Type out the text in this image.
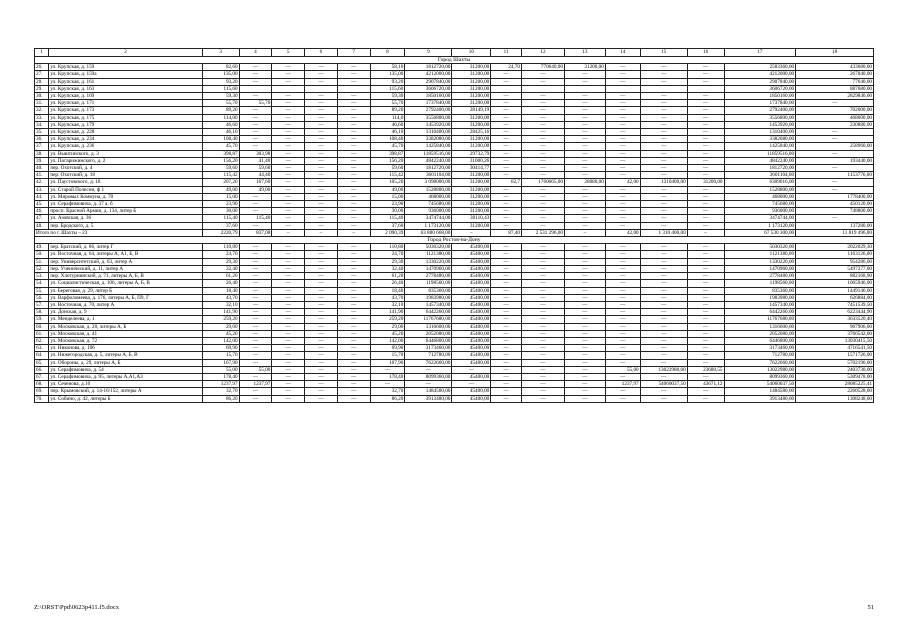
1	2	3	4	5	6	7	8	9	10	11	12	13	14	15	16	17	18
Город Шахты																	
26.	ул. Крупская, д. 159	82,60	—	—	—	—	58,10	1812720,00	31200,00	24,70	770640,00	31200,00	—	—	—	2583360,00	433680,00
27.	ул. Крупская, д. 159а	135,00	—	—	—	—	135,00	4212000,00	31200,00	—	—	—	—	—	—	4212000,00	267040,00
28.	ул. Крупская, д. 161	93,20	—	—	—	—	93,20	2907840,00	31200,00	—	—	—	—	—	—	2907840,00	77640,00
29.	ул. Крупская, д. 163	115,60					115,60	3606720,00	31200,00							3606720,00	887680,00
30.	ул. Крупская, д. 169	59,30	—	—	—	—	59,30	1850160,00	31200,00	—	—	—	—	—	—	1850160,00	2829840,00
31.	ул. Крупская, д. 171	55,70	55,70	—	—	—	55,70	1737840,00	31200,00	—	—	—	—	—	—	1737840,00	—
32.	ул. Крупская, д. 173	89,20	—	—	—	—	89,20	2792400,00	28149,19	—	—	—	—	—	—	2792400,00	702000,00
33.	ул. Крупская, д. 175	114,00	—	—	—	—	114,0	3556800,00	31200,00	—	—	—	—	—	—	3556800,00	468000,00
34.	ул. Крупская, д. 179	46,60	—	—	—	—	46,60	1453920,00	31200,00	—	—	—	—	—	—	1453920,00	230880,00
35.	ул. Крупская, д. 228	46,10	—	—	—	—	46,10	1310400,00	28425,16	—	—	—	—	—	—	1310400,00	—
36.	ул. Крупская, д. 234	108,40	—	—	—	—	108,40	3382080,00	31200,00	—	—	—	—	—	—	3382080,00	—
37.	ул. Крупская, д. 236	45,70	—	—	—	—	45,70	1425840,00	31200,00	—	—	—	—	—	—	1425840,00	258960,00
38.	ул. Выштинского, д. 3	398,87	303,98	—	—	—	398,87	11859516,00	29732,79	—	—	—	—	—	—	11859516,00	—
39.	ул. Погарижинского, д. 2	156,20	41,40	—	—	—	156,20	4842240,00	31000,26	—	—	—	—	—	—	4842240,00	193440,00
40.	пер. Охотский, д. 4	59,60	59,60	—	—	—	59,60	1812720,00	30414,77	—	—	—	—	—	—	1812720,00	—
41.	пер. Охотский, д. 18	115,42	44,40	—	—	—	115,42	3601104,00	31200,00	—	—	—	—	—	—	3601104,00	1153776,00
42.	ул. Паустовского, д. 18	207,20	167,60	—	—	—	105,20	3 098000,00	31200,00	62,7	1760665,00	28080,00	42,00	1310400,00	31200,00	6309016,00	—
43.	ул. Старой Полесни, ф 1	49,00	49,00	—	—	—	49,00	1528800,00	31200,00	—	—	—	—	—	—	1528800,00	—
44.	ул. Мировых Коммуна, д. 70	15,00	—	—	—	—	15,00	468000,00	31200,00	—	—	—	—	—	—	468000,00	1778400,00
45.	ул. Серафимовича, д. 37 а, б	23,90	—	—	—	—	23,90	745680,00	31200,00	—	—	—	—	—	—	745680,00	450120,00
46.	просп. Красной Армии, д. 134, литер Б	30,00	—	—	—	—	30,00	936000,00	31200,00	—	—	—	—	—	—	936000,00	748800,00
47.	ул. Азовская, д. 36	115,40	115,40	—	—	—	115,40	3474744,00	30110,43	—	—	—	—	—	—	3474744,00	—
48.	пер. Бродского, д. 5	37,60	—	—	—	—	37,60	1 173120,00	31200,00	—	—	—	—	—	—	1 173120,00	137280,00
Итого по г. Шахты – 23		2220,79	837,08	–	–	–	2 090,39	63 880 668,00	–	87,40	2 531 296,00	–	42,00	1 310 400,00	–	67 530 300,00	11 819 496,00
Город Ростов-на-Дону																	
49.	пер. Братский, д. 86, литер Г	110,80	—	—	—	—	110,80	5030320,00	45400,00	—	—	—	—	—	—	5030320,00	2022029,30
50.	ул. Восточная, д. 64, литеры А, А1, Б, В	24,70	—	—	—	—	24,70	1121380,00	45400,00	—	—	—	—	—	—	1121380,00	1163126,00
51.	пер. Университетский, д. 63, литер А	29,30	—	—	—	—	29,30	1330220,00	45400,00	—	—	—	—	—	—	1330220,00	954286,00
52.	пер. Ученический, д. 11, литер А	32,40	—	—	—	—	32,40	1470960,00	45400,00	—	—	—	—	—	—	1470960,00	5497377,00
53.	пер. Хлотурнинский, д. 71, литеры А, Б, В	61,20	—	—	—	—	61,20	2778480,00	45400,00	—	—	—	—	—	—	2778480,00	882168,90
54.	ул. Социалистическая, д. 106, литеры А, Б, В	26,40	—	—	—	—	26,40	1198560,00	45400,00	—	—	—	—	—	—	1198560,00	1065946,00
55.	ул. Береговая, д. 29, литер Б	18,40	—	—	—	—	18,40	835360,00	45400,00	—	—	—	—	—	—	835360,00	1449146,00
56.	ул. Варфоломеева, д. 176, литеры А, Б, П9, Г	43,70	—	—	—	—	43,70	1983980,00	45400,00	—	—	—	—	—	—	1983980,00	626884,00
57.	ул. Восточная, д. 70, литер А	32,10	—	—	—	—	32,10	1457340,00	45400,00	—	—	—	—	—	—	1457340,00	7451539,50
58.	ул. Донская, д. 9	141,90	—	—	—	—	141,90	6442260,00	45400,00	—	—	—	—	—	—	6442260,00	6223444,90
59.	ул. Менделеева, д. 1	259,20	—	—	—	—	259,20	11767680,00	45400,00	—	—	—	—	—	—	11767680,00	3633520,40
60.	ул. Московская, д. 28, литеры А, Б	29,00	—	—	—	—	29,00	1316600,00	45400,00	—	—	—	—	—	—	1316600,00	967906,00
61.	ул. Московская, д. 41	45,20	—	—	—	—	45,20	2052080,00	45400,00	—	—	—	—	—	—	2052080,00	3766542,00
62.	ул. Московская, д. 72	142,00	—	—	—	—	142,00	6446800,00	45400,00	—	—	—	—	—	—	6446800,00	13030415,50
63.	ул. Никонова, д. 106	69,90	—	—	—	—	69,90	3173460,00	45400,00	—	—	—	—	—	—	3173460,00	4716541,50
64.	ул. Нижегородская, д. 5, литеры А, Б, В	15,70	—	—	—	—	15,70	712780,00	45400,00	—	—	—	—	—	—	712780,00	1571726,00
65.	ул. Обороны, д. 29, литеры А, Б	167,90	—	—	—	—	167,90	7622660,00	45400,00	—	—	—	—	—	—	7622660,00	5702196,00
66.	ул. Серафимовича, д. 54	55,00	55,00	—	—	—	—	—	—	—	—	—	55,00	13022980,00	23680,55	13022980,00	2403730,00
67.	ул. Серафимовича, д. 95, литеры А,А1,А3	178,40	—	—	—	—	178,40	8099360,00	45400,00	—	—	—	—	—	—	8099360,00	5309478,00
68.	ул. Сеченова, д.10	1237,97	1237,97	—	—	—	—	—	—	—	—	—	1237,97	54060037,50	43671,12	54060037,50	28085225,41
69.	пер. Крымовский, д. 14-16/152, литеры А	32,70	—	—	—	—	32,70	1484580,00	45400,00	—	—	—	—	—	—	1484580,00	2260528,00
70.	ул. Собино, д. 42, литеры Б	86,20	—	—	—	—	86,20	3913480,00	45400,00	—	—	—	—	—	—	3913480,00	1308248,00
Z:\ORST\Ppd\0623p411.f5.docx	51
